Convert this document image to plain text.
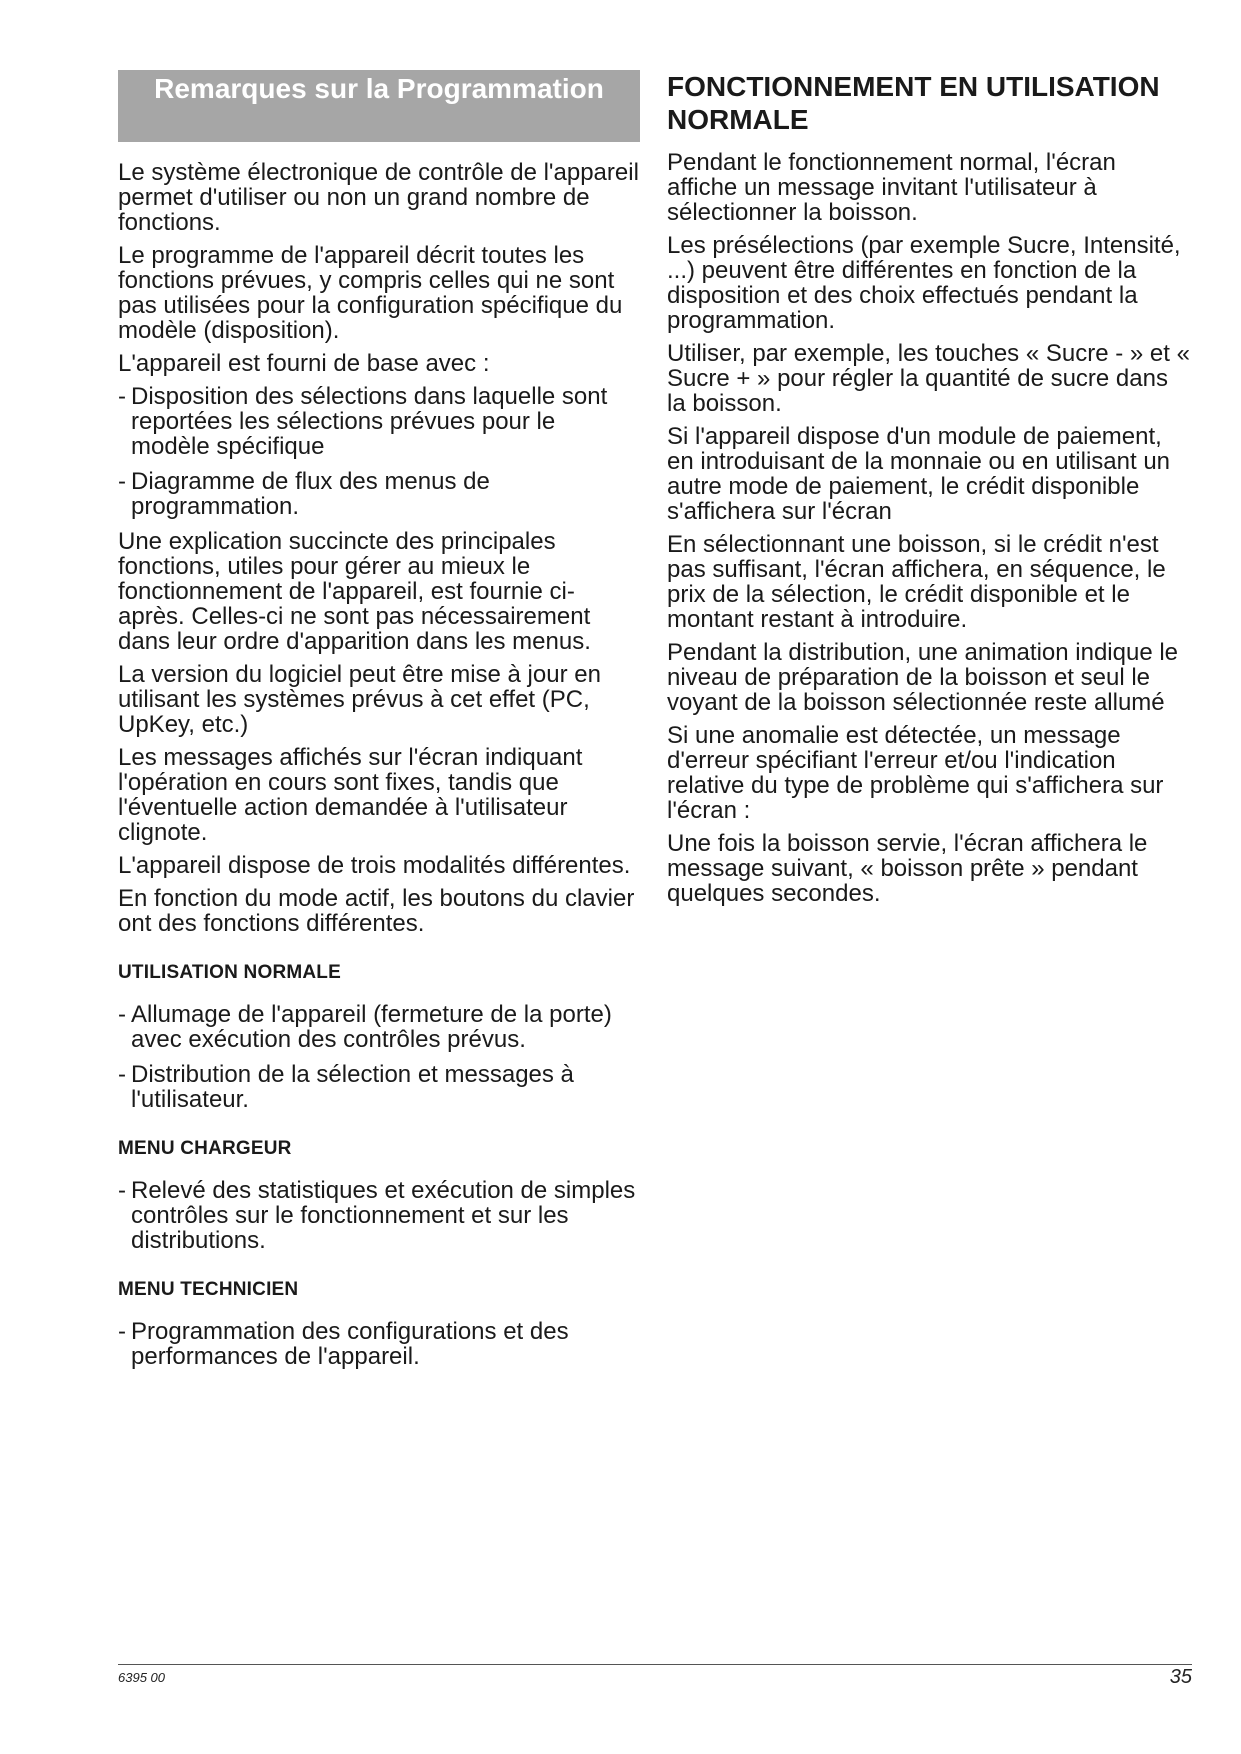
Remarques sur la Programmation

Le système électronique de contrôle de l'appareil permet d'utiliser ou non un grand nombre de fonctions.

Le programme de l'appareil décrit toutes les fonctions prévues, y compris celles qui ne sont pas utilisées pour la configuration spécifique du modèle (disposition).

L'appareil est fourni de base avec :

- Disposition des sélections dans laquelle sont reportées les sélections prévues pour le modèle spécifique
- Diagramme de flux des menus de programmation.

Une explication succincte des principales fonctions, utiles pour gérer au mieux le fonctionnement de l'appareil, est fournie ci-après. Celles-ci ne sont pas nécessairement dans leur ordre d'apparition dans les menus.

La version du logiciel peut être mise à jour en utilisant les systèmes prévus à cet effet (PC, UpKey, etc.)

Les messages affichés sur l'écran indiquant l'opération en cours sont fixes, tandis que l'éventuelle action demandée à l'utilisateur clignote.

L'appareil dispose de trois modalités différentes.

En fonction du mode actif, les boutons du clavier ont des fonctions différentes.

UTILISATION NORMALE
- Allumage de l'appareil (fermeture de la porte) avec exécution des contrôles prévus.
- Distribution de la sélection et messages à l'utilisateur.
MENU CHARGEUR
- Relevé des statistiques et exécution de simples contrôles sur le fonctionnement et sur les distributions.
MENU TECHNICIEN
- Programmation des configurations et des performances de l'appareil.
FONCTIONNEMENT EN UTILISATION NORMALE

Pendant le fonctionnement normal, l'écran affiche un message invitant l'utilisateur à sélectionner la boisson.

Les présélections (par exemple Sucre, Intensité, ...) peuvent être différentes en fonction de la disposition et des choix effectués pendant la programmation.

Utiliser, par exemple, les touches « Sucre - » et « Sucre + » pour régler la quantité de sucre dans la boisson.

Si l'appareil dispose d'un module de paiement, en introduisant de la monnaie ou en utilisant un autre mode de paiement, le crédit disponible s'affichera sur l'écran

En sélectionnant une boisson, si le crédit n'est pas suffisant, l'écran affichera, en séquence, le prix de la sélection, le crédit disponible et le montant restant à introduire.

Pendant la distribution, une animation indique le niveau de préparation de la boisson et seul le voyant de la boisson sélectionnée reste allumé

Si une anomalie est détectée, un message d'erreur spécifiant l'erreur et/ou l'indication relative du type de problème qui s'affichera sur l'écran :

Une fois la boisson servie, l'écran affichera le message suivant, « boisson prête » pendant quelques secondes.

6395 00	35
